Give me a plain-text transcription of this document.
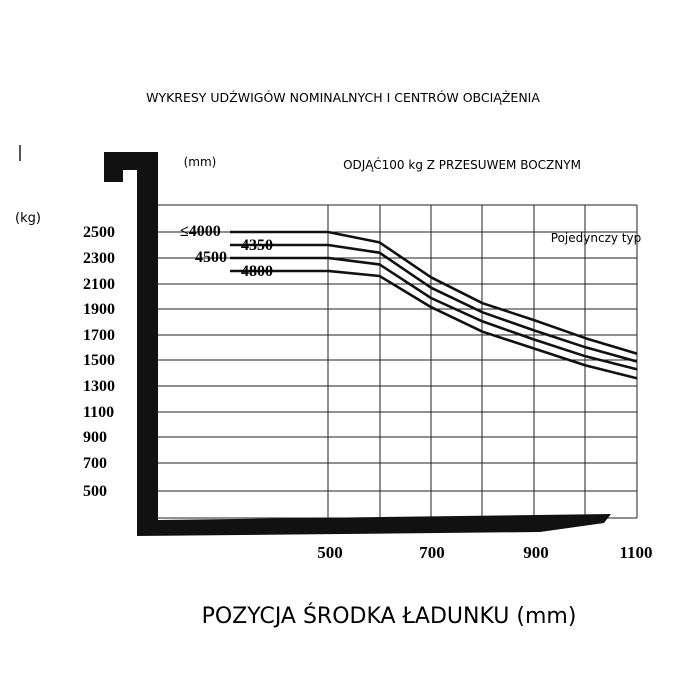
WYKRESY UDŹWIGÓW NOMINALNYCH I CENTRÓW OBCIĄŻENIA
ODJĄĆ100 kg Z PRZESUWEM BOCZNYM
(mm)
(kg)
Pojedynczy typ
POZYCJA ŚRODKA ŁADUNKU (mm)
2500
2300
2100
1900
1700
1500
1300
1100
900
700
500
500	700	900	1100
≤4000
4350
4500
4800
